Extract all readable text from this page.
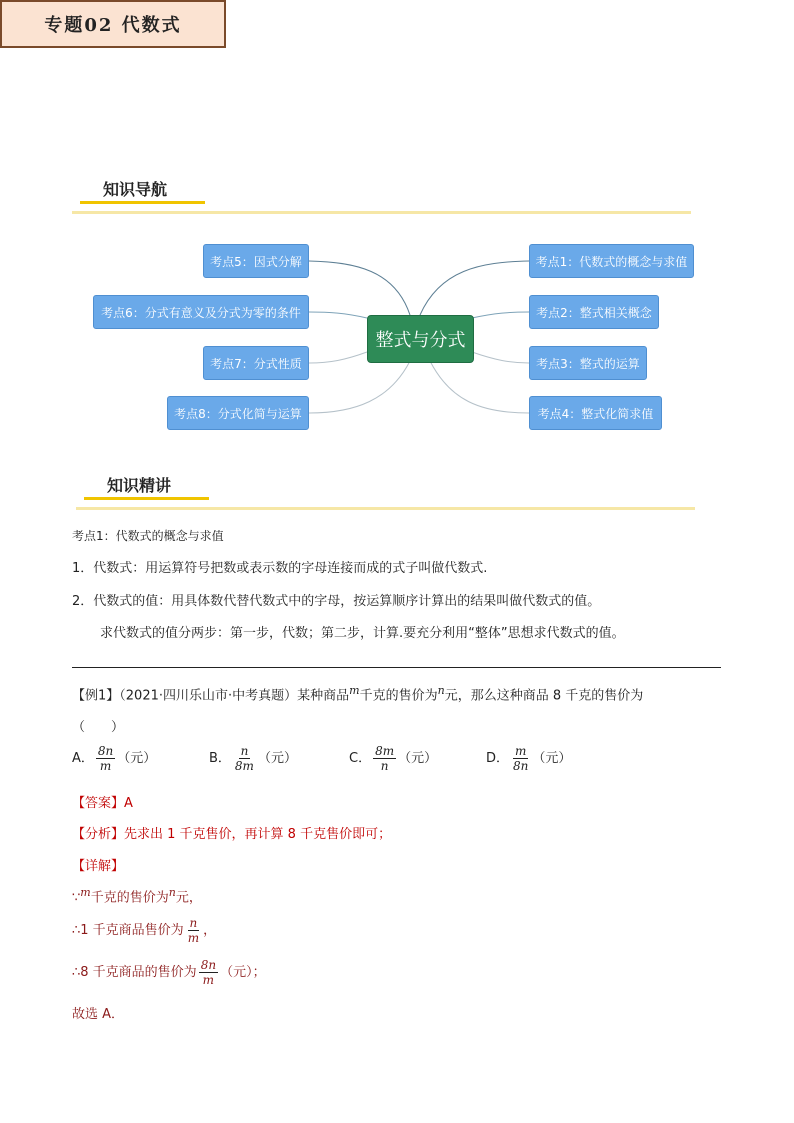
专题02 代数式
知识导航
整式与分式
考点1：代数式的概念与求值
考点2：整式相关概念
考点3：整式的运算
考点4：整式化简求值
考点5：因式分解
考点6：分式有意义及分式为零的条件
考点7：分式性质
考点8：分式化简与运算
知识精讲
考点1：代数式的概念与求值
1．代数式：用运算符号把数或表示数的字母连接而成的式子叫做代数式.
2．代数式的值：用具体数代替代数式中的字母，按运算顺序计算出的结果叫做代数式的值。
求代数式的值分两步：第一步，代数；第二步，计算.要充分利用“整体”思想求代数式的值。
【例1】（2021·四川乐山市·中考真题）某种商品$^m$千克的售价为$^n$元，那么这种商品 8 千克的售价为
（　　）
A． $\frac{8n}{m}$ （元）	B． $\frac{n}{8m}$ （元）	C． $\frac{8m}{n}$ （元）	D． $\frac{m}{8n}$ （元）
【答案】A
【分析】先求出 1 千克售价，再计算 8 千克售价即可；
【详解】
∵$^m$千克的售价为$^n$元，
∴1 千克商品售价为 $\frac{n}{m}$ ，
∴8 千克商品的售价为 $\frac{8n}{m}$ （元）；
故选 A．
